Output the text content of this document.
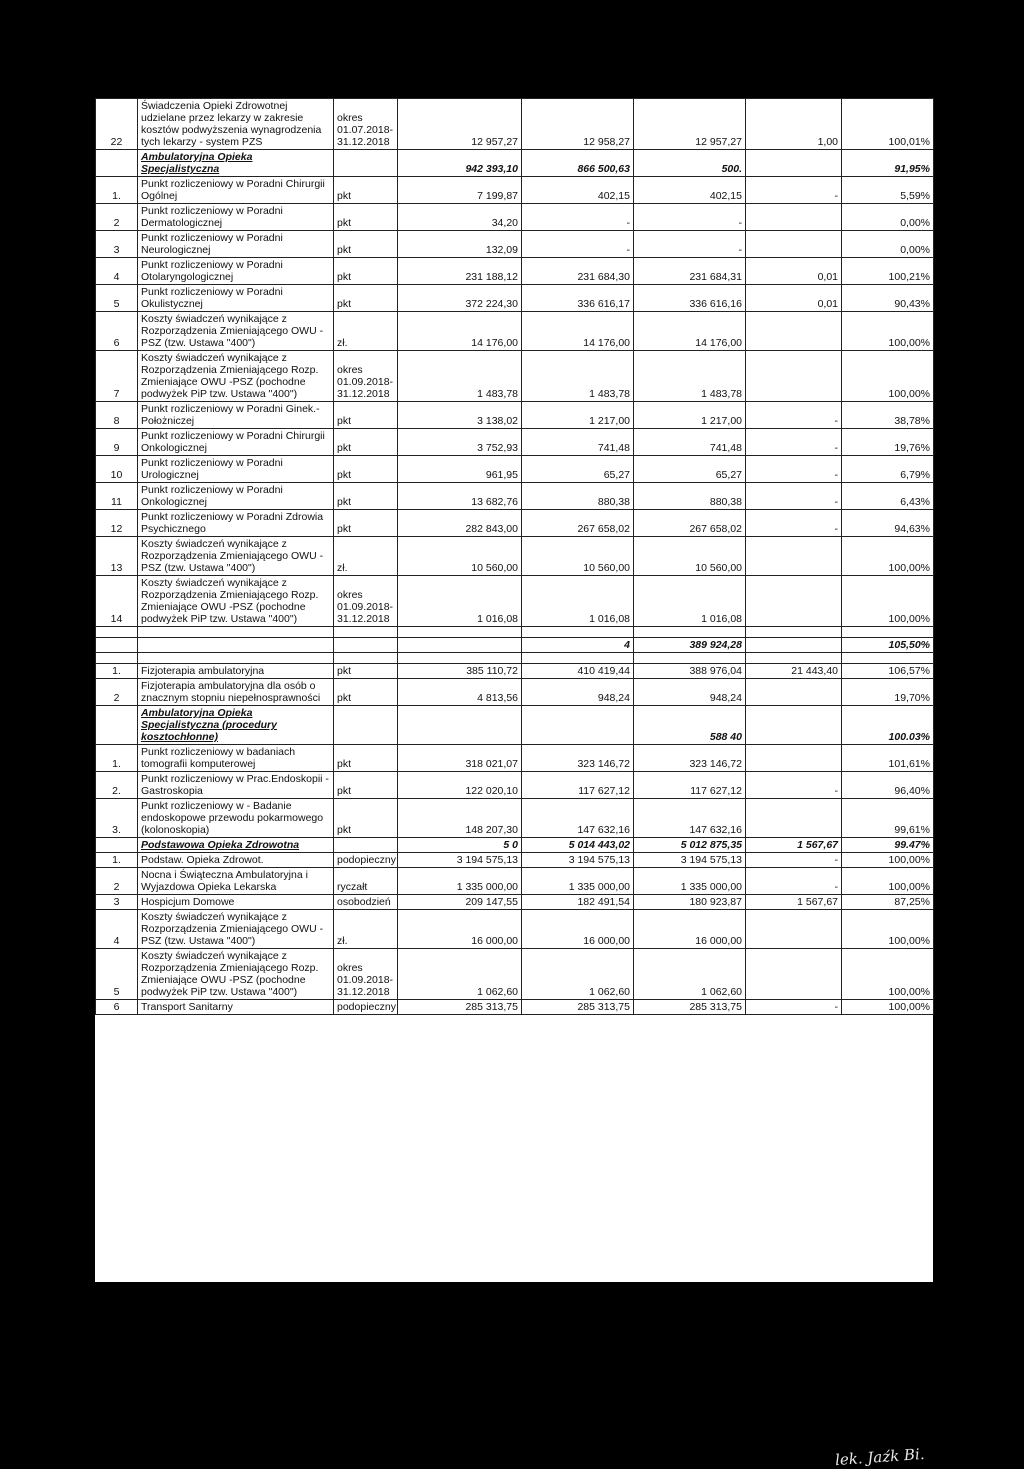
22	Świadczenia Opieki Zdrowotnej udzielane przez lekarzy w zakresie kosztów podwyższenia wynagrodzenia tych lekarzy - system PZS	okres 01.07.2018-31.12.2018	12 957,27	12 958,27	12 957,27	1,00	100,01%
	Ambulatoryjna Opieka Specjalistyczna		942 393,10	866 500,63	500.		91,95%
1.	Punkt rozliczeniowy w Poradni Chirurgii Ogólnej	pkt	7 199,87	402,15	402,15	-	5,59%
2	Punkt rozliczeniowy w Poradni Dermatologicznej	pkt	34,20	-	-		0,00%
3	Punkt rozliczeniowy w Poradni Neurologicznej	pkt	132,09	-	-		0,00%
4	Punkt rozliczeniowy w Poradni Otolaryngologicznej	pkt	231 188,12	231 684,30	231 684,31	0,01	100,21%
5	Punkt rozliczeniowy w Poradni Okulistycznej	pkt	372 224,30	336 616,17	336 616,16	0,01	90,43%
6	Koszty świadczeń wynikające z Rozporządzenia Zmieniającego OWU -PSZ (tzw. Ustawa "400")	zł.	14 176,00	14 176,00	14 176,00		100,00%
7	Koszty świadczeń wynikające z Rozporządzenia Zmieniającego Rozp. Zmieniające OWU -PSZ (pochodne podwyżek PiP tzw. Ustawa "400")	okres 01.09.2018-31.12.2018	1 483,78	1 483,78	1 483,78		100,00%
8	Punkt rozliczeniowy w Poradni Ginek.-Położniczej	pkt	3 138,02	1 217,00	1 217,00	-	38,78%
9	Punkt rozliczeniowy w Poradni Chirurgii Onkologicznej	pkt	3 752,93	741,48	741,48	-	19,76%
10	Punkt rozliczeniowy w Poradni Urologicznej	pkt	961,95	65,27	65,27	-	6,79%
11	Punkt rozliczeniowy w Poradni Onkologicznej	pkt	13 682,76	880,38	880,38	-	6,43%
12	Punkt rozliczeniowy w Poradni Zdrowia Psychicznego	pkt	282 843,00	267 658,02	267 658,02	-	94,63%
13	Koszty świadczeń wynikające z Rozporządzenia Zmieniającego OWU -PSZ (tzw. Ustawa "400")	zł.	10 560,00	10 560,00	10 560,00		100,00%
14	Koszty świadczeń wynikające z Rozporządzenia Zmieniającego Rozp. Zmieniające OWU -PSZ (pochodne podwyżek PiP tzw. Ustawa "400")	okres 01.09.2018-31.12.2018	1 016,08	1 016,08	1 016,08		100,00%

				4	389 924,28		105,50%

1.	Fizjoterapia ambulatoryjna	pkt	385 110,72	410 419,44	388 976,04	21 443,40	106,57%
2	Fizjoterapia ambulatoryjna dla osób o znacznym stopniu niepełnosprawności	pkt	4 813,56	948,24	948,24		19,70%
	Ambulatoryjna Opieka Specjalistyczna (procedury kosztochłonne)				588 40		100.03%
1.	Punkt rozliczeniowy w badaniach tomografii komputerowej	pkt	318 021,07	323 146,72	323 146,72		101,61%
2.	Punkt rozliczeniowy w Prac.Endoskopii - Gastroskopia	pkt	122 020,10	117 627,12	117 627,12	-	96,40%
3.	Punkt rozliczeniowy w - Badanie endoskopowe przewodu pokarmowego (kolonoskopia)	pkt	148 207,30	147 632,16	147 632,16		99,61%
	Podstawowa Opieka Zdrowotna		5 0	5 014 443,02	5 012 875,35	1 567,67	99.47%
1.	Podstaw. Opieka Zdrowot.	podopieczny	3 194 575,13	3 194 575,13	3 194 575,13	-	100,00%
2	Nocna i Świąteczna Ambulatoryjna i Wyjazdowa Opieka Lekarska	ryczałt	1 335 000,00	1 335 000,00	1 335 000,00	-	100,00%
3	Hospicjum Domowe	osobodzień	209 147,55	182 491,54	180 923,87	1 567,67	87,25%
4	Koszty świadczeń wynikające z Rozporządzenia Zmieniającego OWU -PSZ (tzw. Ustawa "400")	zł.	16 000,00	16 000,00	16 000,00		100,00%
5	Koszty świadczeń wynikające z Rozporządzenia Zmieniającego Rozp. Zmieniające OWU -PSZ (pochodne podwyżek PiP tzw. Ustawa "400")	okres 01.09.2018-31.12.2018	1 062,60	1 062,60	1 062,60		100,00%
6	Transport Sanitarny	podopieczny	285 313,75	285 313,75	285 313,75	-	100,00%
lek. Jaźk Bi.
